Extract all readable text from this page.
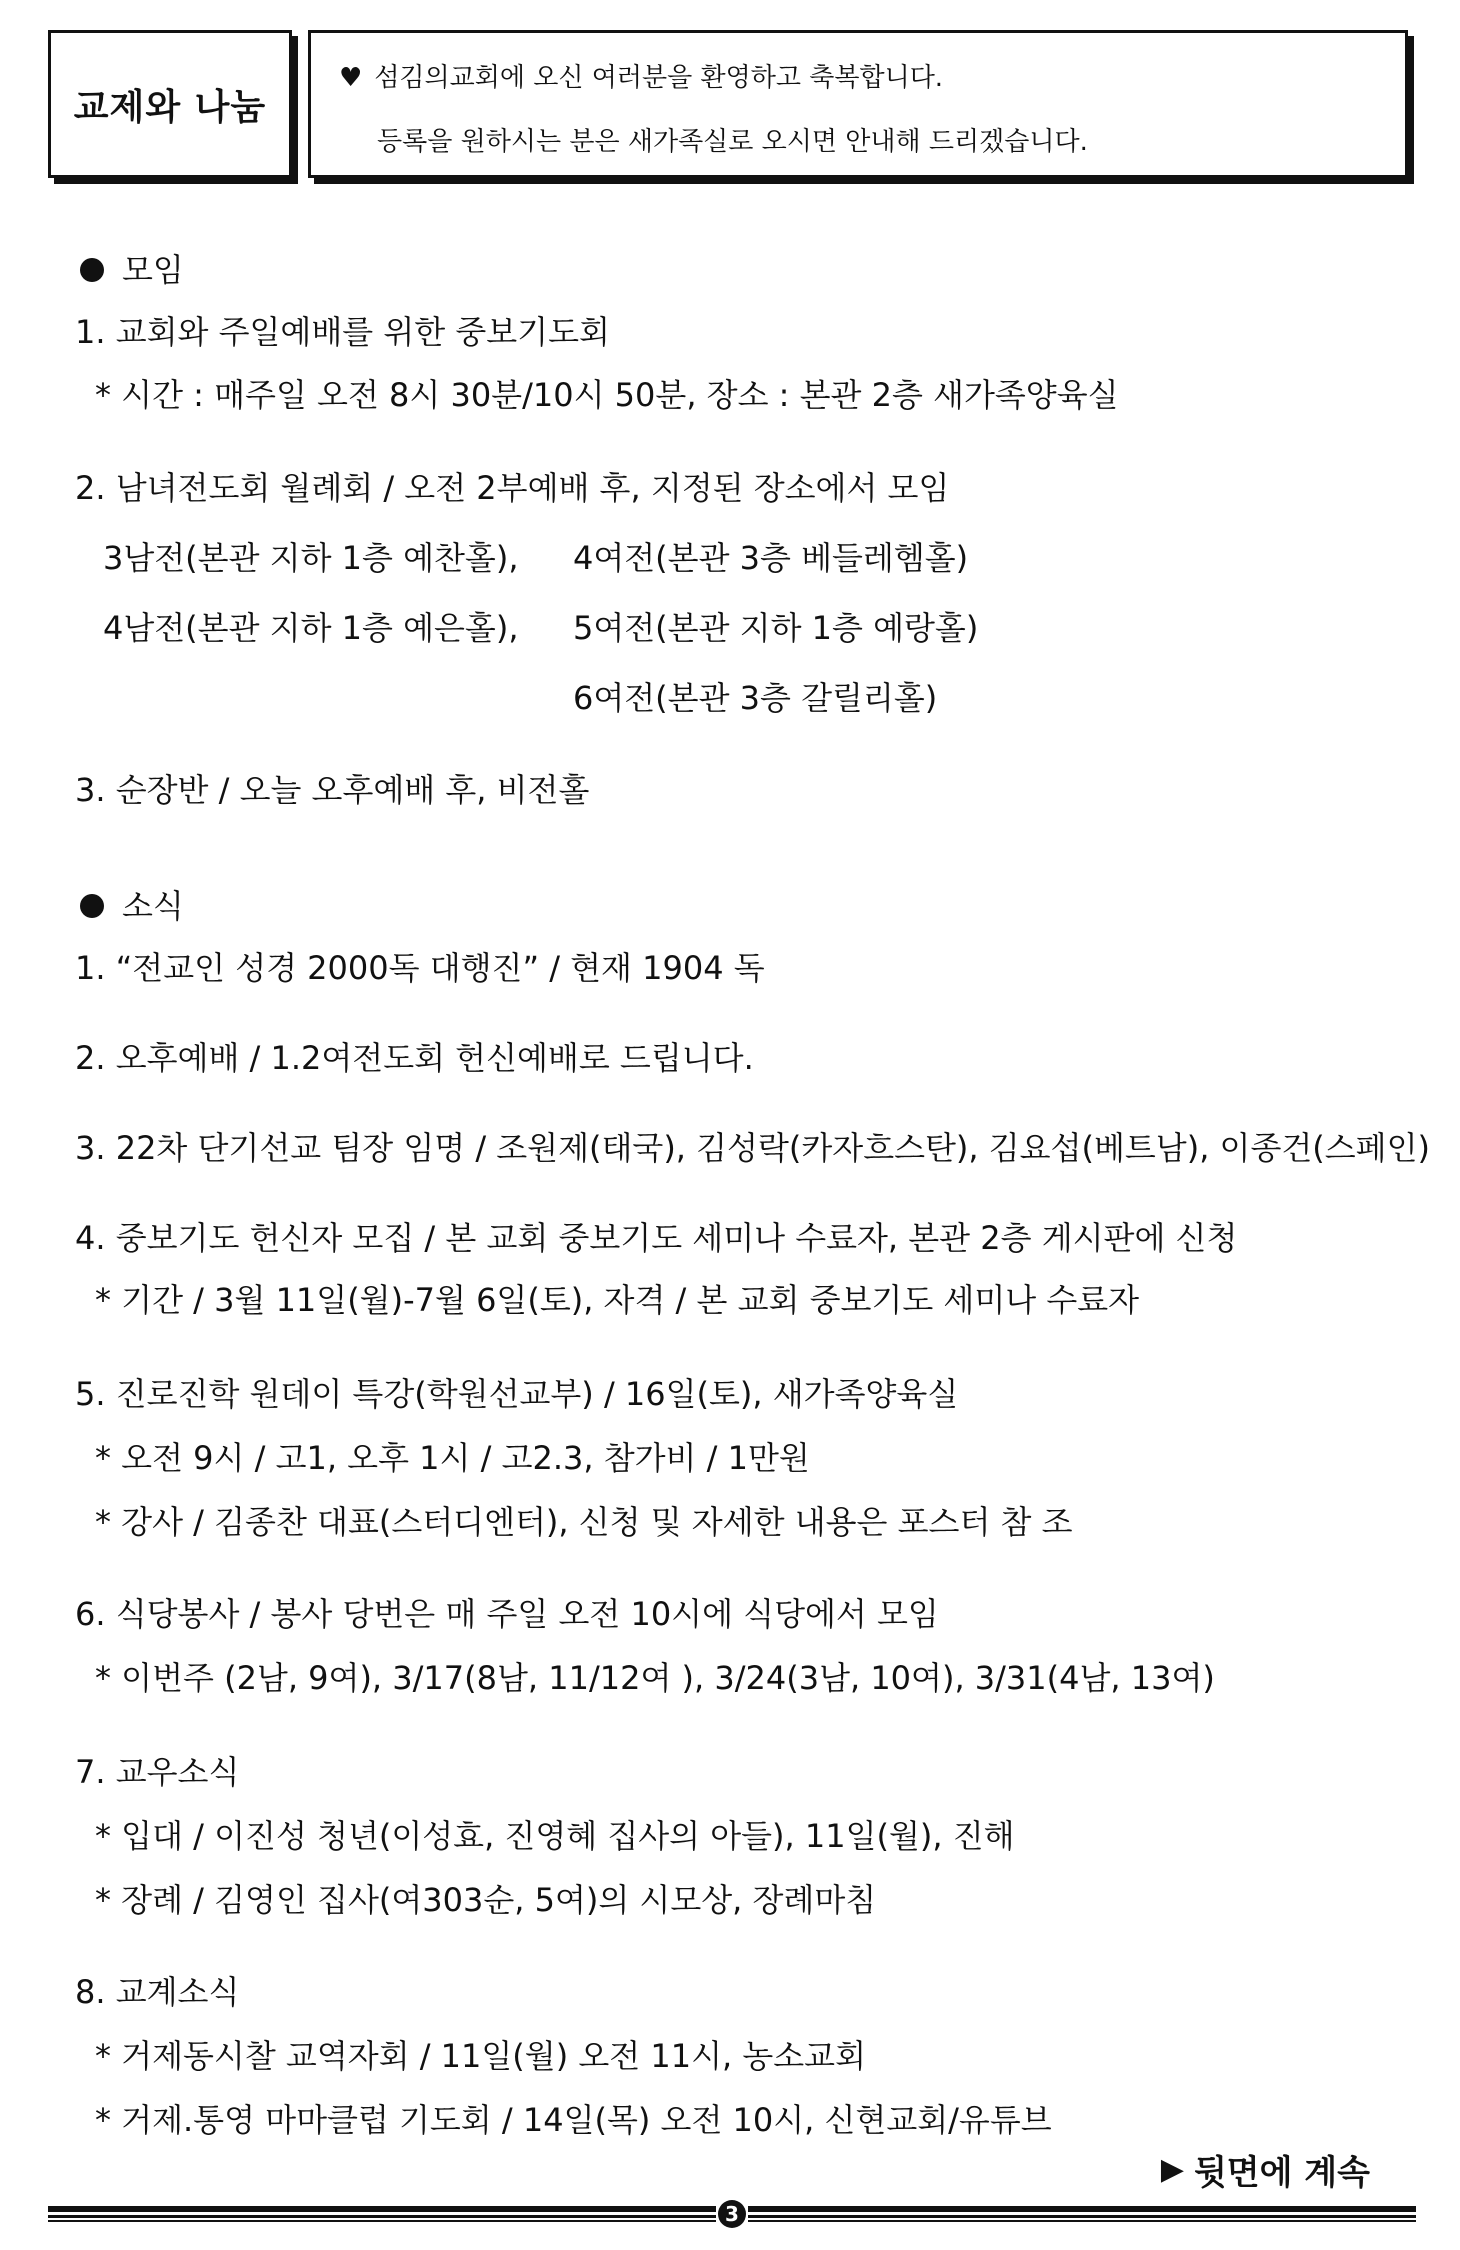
교제와 나눔
♥ 섬김의교회에 오신 여러분을 환영하고 축복합니다.
등록을 원하시는 분은 새가족실로 오시면 안내해 드리겠습니다.
모임
1. 교회와 주일예배를 위한 중보기도회
* 시간 : 매주일 오전 8시 30분/10시 50분, 장소 : 본관 2층 새가족양육실
2. 남녀전도회 월례회 / 오전 2부예배 후, 지정된 장소에서 모임
3남전(본관 지하 1층 예찬홀),	4여전(본관 3층 베들레헴홀)
4남전(본관 지하 1층 예은홀),	5여전(본관 지하 1층 예랑홀)
6여전(본관 3층 갈릴리홀)
3. 순장반 / 오늘 오후예배 후, 비전홀
소식
1. “전교인 성경 2000독 대행진” / 현재 1904 독
2. 오후예배 / 1.2여전도회 헌신예배로 드립니다.
3. 22차 단기선교 팀장 임명 / 조원제(태국), 김성락(카자흐스탄), 김요섭(베트남), 이종건(스페인)
4. 중보기도 헌신자 모집 / 본 교회 중보기도 세미나 수료자, 본관 2층 게시판에 신청
* 기간 / 3월 11일(월)-7월 6일(토), 자격 / 본 교회 중보기도 세미나 수료자
5. 진로진학 원데이 특강(학원선교부) / 16일(토), 새가족양육실
* 오전 9시 / 고1, 오후 1시 / 고2.3, 참가비 / 1만원
* 강사 / 김종찬 대표(스터디엔터), 신청 및 자세한 내용은 포스터 참 조
6. 식당봉사 / 봉사 당번은 매 주일 오전 10시에 식당에서 모임
* 이번주 (2남, 9여), 3/17(8남, 11/12여 ), 3/24(3남, 10여), 3/31(4남, 13여)
7. 교우소식
* 입대 / 이진성 청년(이성효, 진영혜 집사의 아들), 11일(월), 진해
* 장례 / 김영인 집사(여303순, 5여)의 시모상, 장례마침
8. 교계소식
* 거제동시찰 교역자회 / 11일(월) 오전 11시, 농소교회
* 거제.통영 마마클럽 기도회 / 14일(목) 오전 10시, 신현교회/유튜브
▶ 뒷면에 계속
3
